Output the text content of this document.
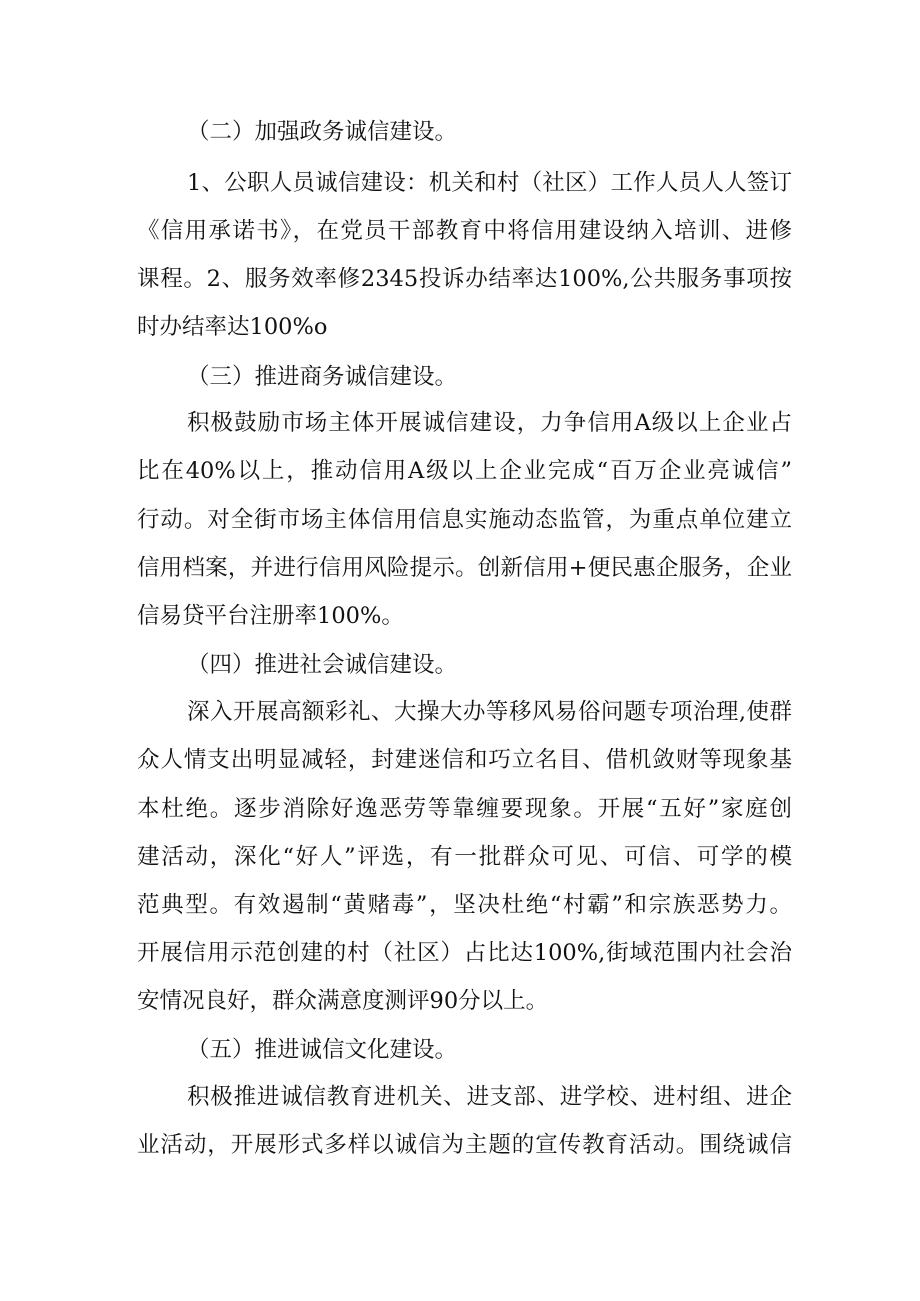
（二）加强政务诚信建设。

1、公职人员诚信建设：机关和村（社区）工作人员人人签订

《信用承诺书》，在党员干部教育中将信用建设纳入培训、进修

课程。2、服务效率修2345投诉办结率达100%,公共服务事项按

时办结率达100%o

（三）推进商务诚信建设。

积极鼓励市场主体开展诚信建设，力争信用A级以上企业占

比在40%以上，推动信用A级以上企业完成“百万企业亮诚信”

行动。对全街市场主体信用信息实施动态监管，为重点单位建立

信用档案，并进行信用风险提示。创新信用+便民惠企服务，企业

信易贷平台注册率100%。

（四）推进社会诚信建设。

深入开展高额彩礼、大操大办等移风易俗问题专项治理,使群

众人情支出明显减轻，封建迷信和巧立名目、借机敛财等现象基

本杜绝。逐步消除好逸恶劳等靠缠要现象。开展“五好”家庭创

建活动，深化“好人”评选，有一批群众可见、可信、可学的模

范典型。有效遏制“黄赌毒”，坚决杜绝“村霸”和宗族恶势力。

开展信用示范创建的村（社区）占比达100%,街域范围内社会治

安情况良好，群众满意度测评90分以上。

（五）推进诚信文化建设。

积极推进诚信教育进机关、进支部、进学校、进村组、进企

业活动，开展形式多样以诚信为主题的宣传教育活动。围绕诚信
